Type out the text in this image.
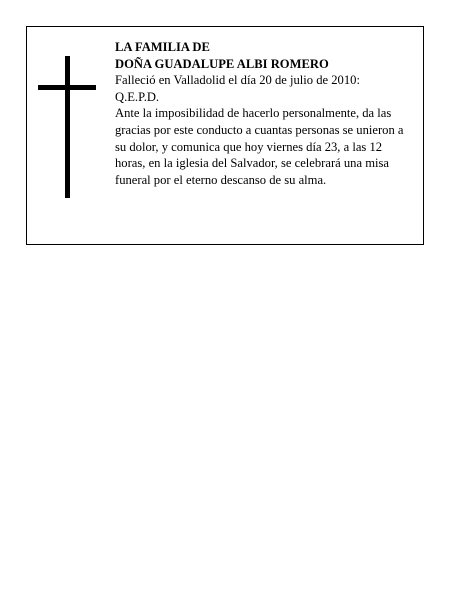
LA FAMILIA DE

DOÑA GUADALUPE ALBI ROMERO

Falleció en Valladolid el día 20 de julio de 2010:

Q.E.P.D.

Ante la imposibilidad de hacerlo personalmente, da las gracias por este conducto a cuantas personas se unieron a su dolor, y comunica que hoy viernes día 23, a las 12 horas, en la iglesia del Salvador, se celebrará una misa funeral por el eterno descanso de su alma.
